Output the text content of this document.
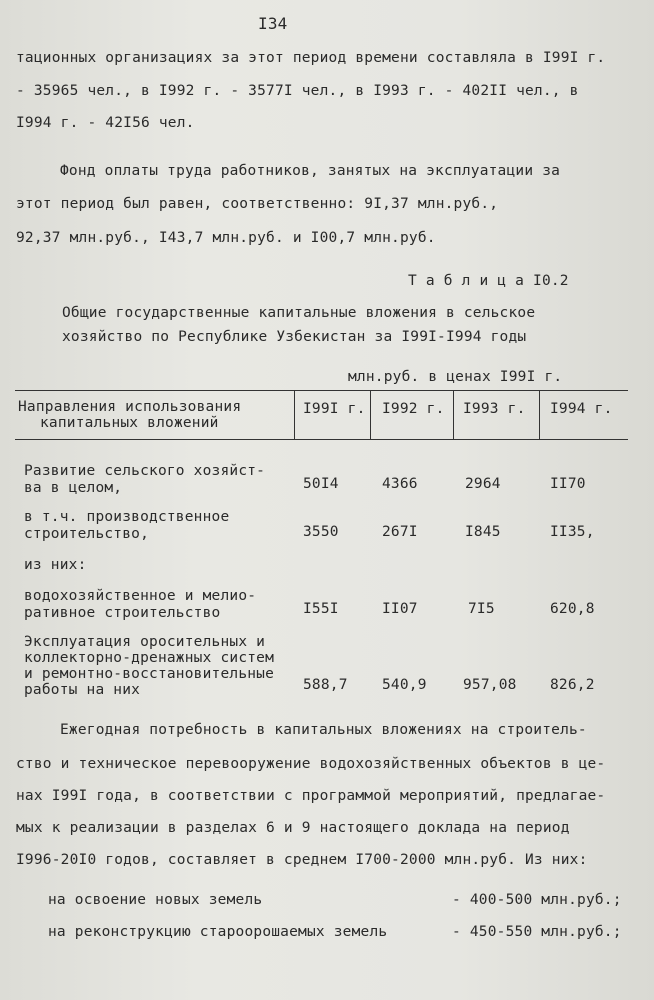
I34
тационных организациях за этот период времени составляла в I99I г.
- 35965 чел., в I992 г. - 3577I чел., в I993 г. - 402II чел., в
I994 г. - 42I56 чел.
Фонд оплаты труда работников, занятых на эксплуатации за
этот период был равен, соответственно: 9I,37 млн.руб.,
92,37 млн.руб., I43,7 млн.руб. и I00,7 млн.руб.
Т а б л и ц а I0.2
Общие государственные капитальные вложения в сельское
хозяйство по Республике Узбекистан за I99I-I994 годы
млн.руб. в ценах I99I г.
Направления использования
капитальных вложений
I99I г. I992 г. I993 г. I994 г.
Развитие сельского хозяйст-
ва в целом,	50I4	4366	2964	II70
в т.ч. производственное
строительство,	3550	267I	I845	II35,
из них:
водохозяйственное и мелио-
ративное строительство	I55I	II07	7I5	620,8
Эксплуатация оросительных и
коллекторно-дренажных систем
и ремонтно-восстановительные
работы на них	588,7 540,9	957,08 826,2
Ежегодная потребность в капитальных вложениях на строитель-
ство и техническое перевооружение водохозяйственных объектов в це-
нах I99I года, в соответствии с программой мероприятий, предлагае-
мых к реализации в разделах 6 и 9 настоящего доклада на период
I996-20I0 годов, составляет в среднем I700-2000 млн.руб. Из них:
на освоение новых земель	- 400-500 млн.руб.;
на реконструкцию староорошаемых земель	- 450-550 млн.руб.;
